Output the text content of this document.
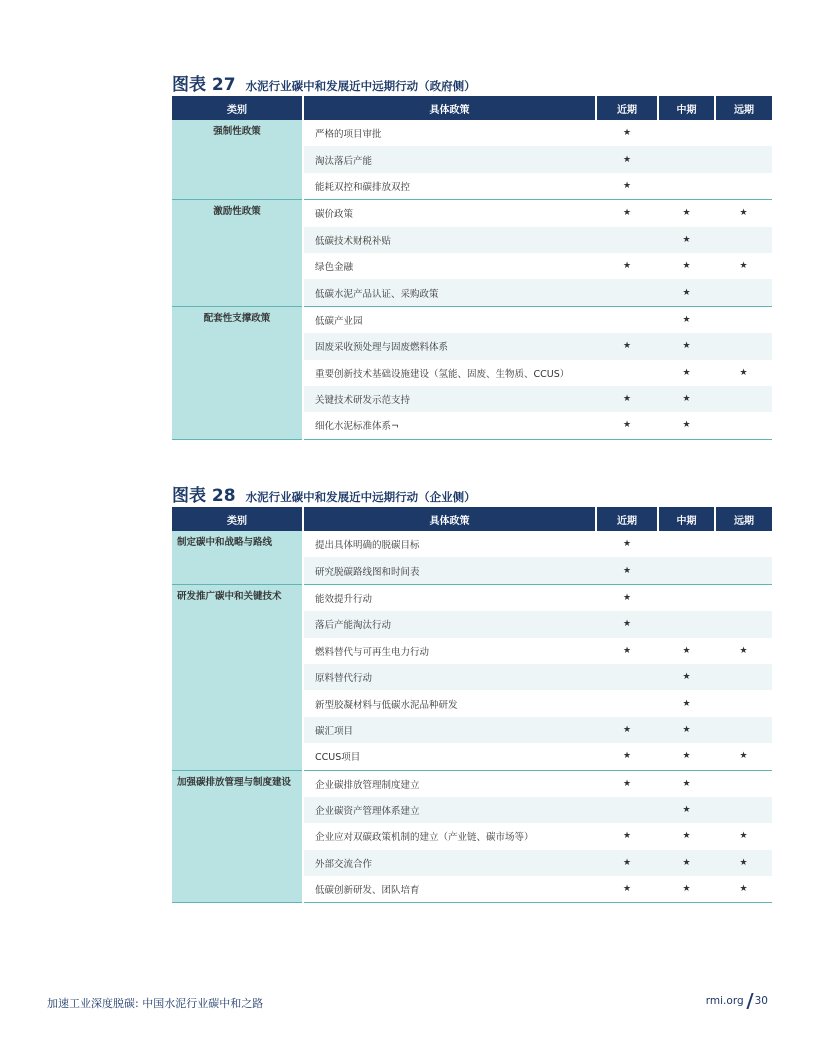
图表 27 水泥行业碳中和发展近中远期行动（政府侧）
类别	具体政策	近期	中期	远期
强制性政策	严格的项目审批	★		
	淘汰落后产能	★		
	能耗双控和碳排放双控	★		
激励性政策	碳价政策	★	★	★
	低碳技术财税补贴		★	
	绿色金融	★	★	★
	低碳水泥产品认证、采购政策		★	
配套性支撑政策	低碳产业园		★	
	固废采收预处理与固废燃料体系	★	★	
	重要创新技术基础设施建设（氢能、固废、生物质、CCUS）		★	★
	关键技术研发示范支持	★	★	
	细化水泥标准体系¬	★	★	
图表 28 水泥行业碳中和发展近中远期行动（企业侧）
类别	具体政策	近期	中期	远期
制定碳中和战略与路线	提出具体明确的脱碳目标	★		
	研究脱碳路线图和时间表	★		
研发推广碳中和关键技术	能效提升行动	★		
	落后产能淘汰行动	★		
	燃料替代与可再生电力行动	★	★	★
	原料替代行动		★	
	新型胶凝材料与低碳水泥品种研发		★	
	碳汇项目	★	★	
	CCUS项目	★	★	★
加强碳排放管理与制度建设	企业碳排放管理制度建立	★	★	
	企业碳资产管理体系建立		★	
	企业应对双碳政策机制的建立（产业链、碳市场等）	★	★	★
	外部交流合作	★	★	★
	低碳创新研发、团队培育	★	★	★
加速工业深度脱碳: 中国水泥行业碳中和之路	rmi.org 30
